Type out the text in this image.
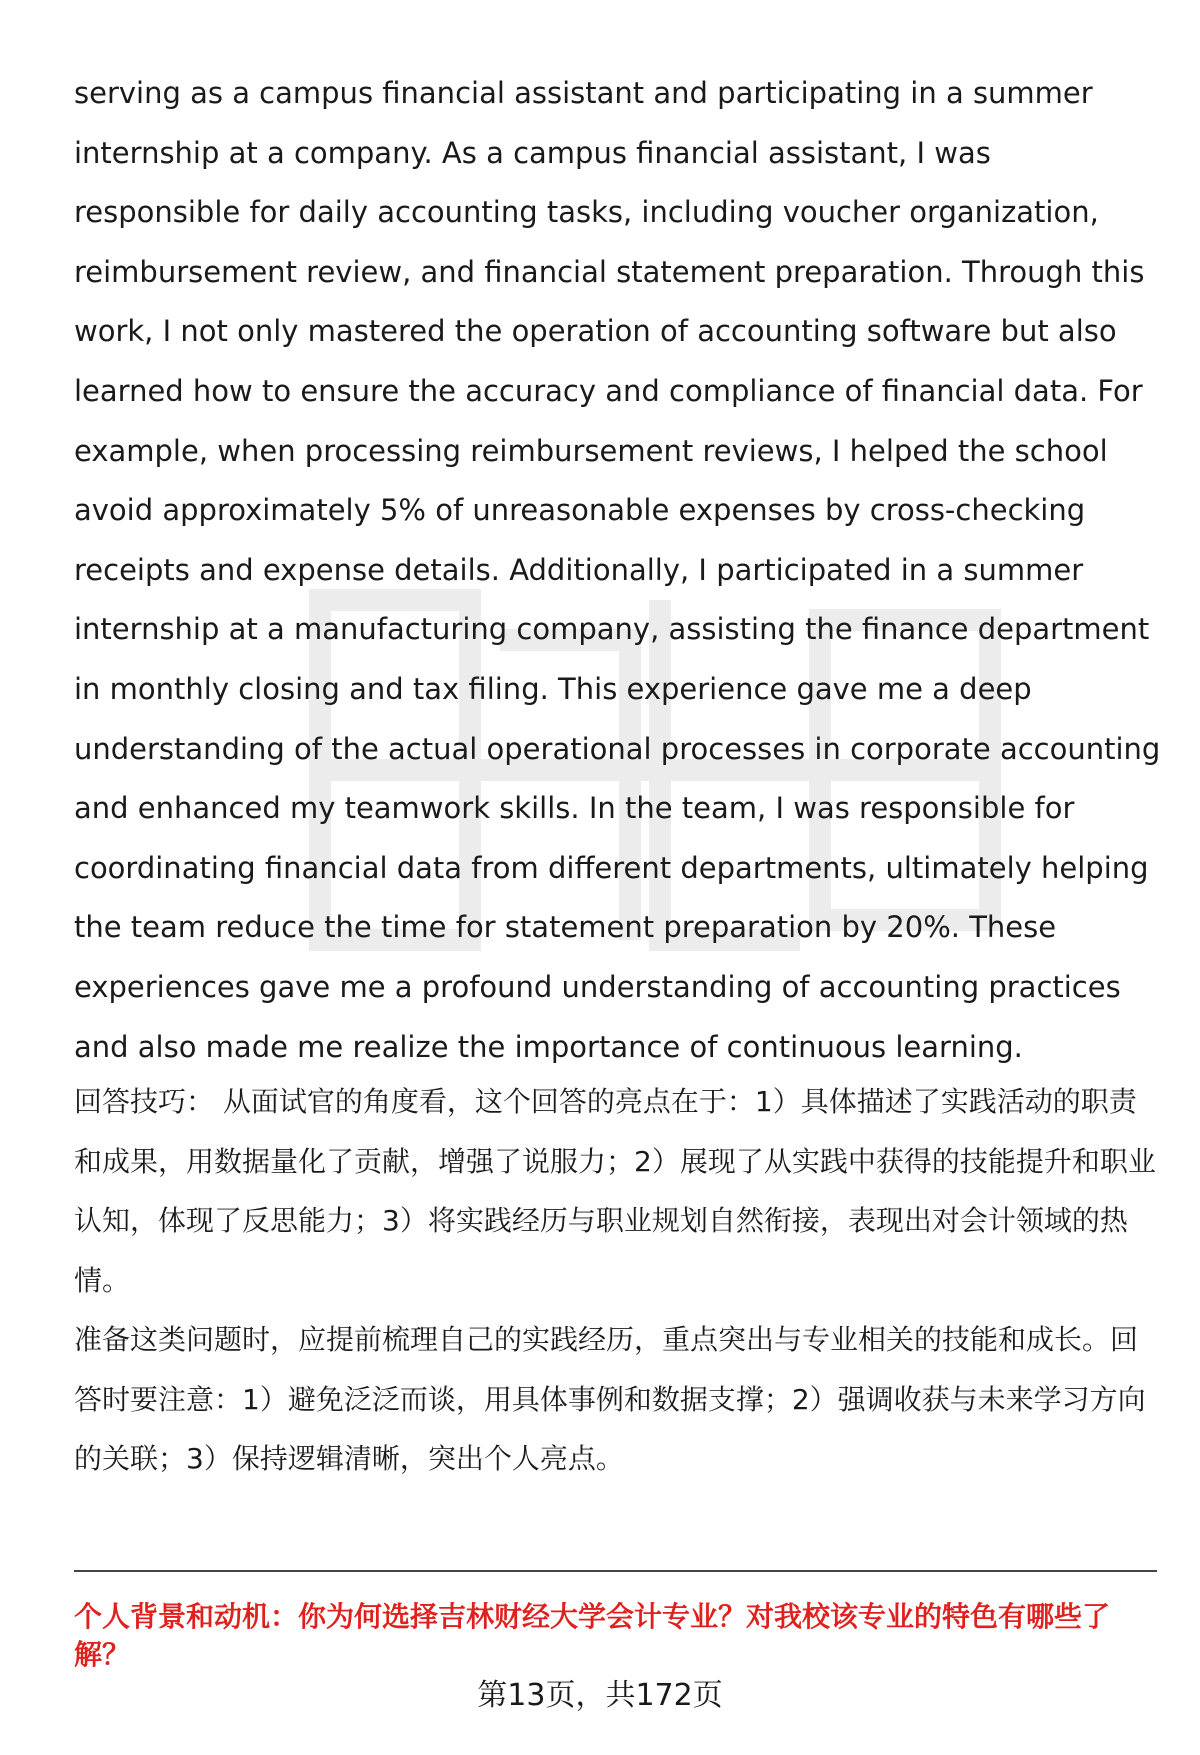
serving as a campus financial assistant and participating in a summer internship at a company. As a campus financial assistant, I was responsible for daily accounting tasks, including voucher organization, reimbursement review, and financial statement preparation. Through this work, I not only mastered the operation of accounting software but also learned how to ensure the accuracy and compliance of financial data. For example, when processing reimbursement reviews, I helped the school avoid approximately 5% of unreasonable expenses by cross-checking receipts and expense details. Additionally, I participated in a summer internship at a manufacturing company, assisting the finance department in monthly closing and tax filing. This experience gave me a deep understanding of the actual operational processes in corporate accounting and enhanced my teamwork skills. In the team, I was responsible for coordinating financial data from different departments, ultimately helping the team reduce the time for statement preparation by 20%. These experiences gave me a profound understanding of accounting practices and also made me realize the importance of continuous learning.

回答技巧： 从面试官的角度看，这个回答的亮点在于：1）具体描述了实践活动的职责和成果，用数据量化了贡献，增强了说服力；2）展现了从实践中获得的技能提升和职业认知，体现了反思能力；3）将实践经历与职业规划自然衔接，表现出对会计领域的热情。

准备这类问题时，应提前梳理自己的实践经历，重点突出与专业相关的技能和成长。回答时要注意：1）避免泛泛而谈，用具体事例和数据支撑；2）强调收获与未来学习方向的关联；3）保持逻辑清晰，突出个人亮点。

个人背景和动机：你为何选择吉林财经大学会计专业？对我校该专业的特色有哪些了解？

第13页，共172页
